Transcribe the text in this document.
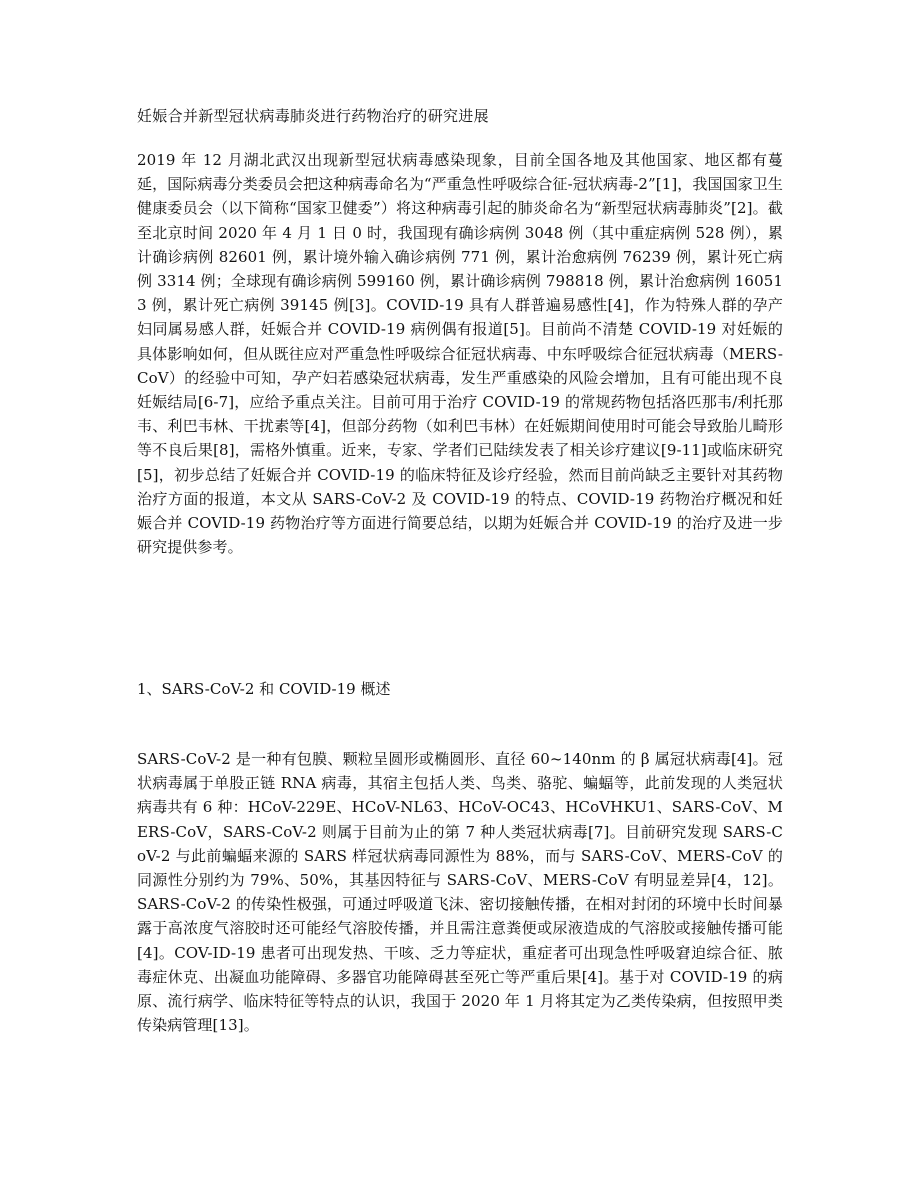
妊娠合并新型冠状病毒肺炎进行药物治疗的研究进展

2019 年 12 月湖北武汉出现新型冠状病毒感染现象，目前全国各地及其他国家、地区都有蔓延，国际病毒分类委员会把这种病毒命名为“严重急性呼吸综合征-冠状病毒-2”[1]，我国国家卫生健康委员会（以下简称“国家卫健委”）将这种病毒引起的肺炎命名为“新型冠状病毒肺炎”[2]。截至北京时间 2020 年 4 月 1 日 0 时，我国现有确诊病例 3048 例（其中重症病例 528 例），累计确诊病例 82601 例，累计境外输入确诊病例 771 例，累计治愈病例 76239 例，累计死亡病例 3314 例；全球现有确诊病例 599160 例，累计确诊病例 798818 例，累计治愈病例 160513 例，累计死亡病例 39145 例[3]。COVID-19 具有人群普遍易感性[4]，作为特殊人群的孕产妇同属易感人群，妊娠合并 COVID-19 病例偶有报道[5]。目前尚不清楚 COVID-19 对妊娠的具体影响如何，但从既往应对严重急性呼吸综合征冠状病毒、中东呼吸综合征冠状病毒（MERS-CoV）的经验中可知，孕产妇若感染冠状病毒，发生严重感染的风险会增加，且有可能出现不良妊娠结局[6-7]，应给予重点关注。目前可用于治疗 COVID-19 的常规药物包括洛匹那韦/利托那韦、利巴韦林、干扰素等[4]，但部分药物（如利巴韦林）在妊娠期间使用时可能会导致胎儿畸形等不良后果[8]，需格外慎重。近来，专家、学者们已陆续发表了相关诊疗建议[9-11]或临床研究[5]，初步总结了妊娠合并 COVID-19 的临床特征及诊疗经验，然而目前尚缺乏主要针对其药物治疗方面的报道，本文从 SARS-CoV-2 及 COVID-19 的特点、COVID-19 药物治疗概况和妊娠合并 COVID-19 药物治疗等方面进行简要总结，以期为妊娠合并 COVID-19 的治疗及进一步研究提供参考。

1、SARS-CoV-2 和 COVID-19 概述

SARS-CoV-2 是一种有包膜、颗粒呈圆形或椭圆形、直径 60~140nm 的 β 属冠状病毒[4]。冠状病毒属于单股正链 RNA 病毒，其宿主包括人类、鸟类、骆驼、蝙蝠等，此前发现的人类冠状病毒共有 6 种：HCoV-229E、HCoV-NL63、HCoV-OC43、HCoVHKU1、SARS-CoV、MERS-CoV，SARS-CoV-2 则属于目前为止的第 7 种人类冠状病毒[7]。目前研究发现 SARS-CoV-2 与此前蝙蝠来源的 SARS 样冠状病毒同源性为 88%，而与 SARS-CoV、MERS-CoV 的同源性分别约为 79%、50%，其基因特征与 SARS-CoV、MERS-CoV 有明显差异[4，12]。SARS-CoV-2 的传染性极强，可通过呼吸道飞沫、密切接触传播，在相对封闭的环境中长时间暴露于高浓度气溶胶时还可能经气溶胶传播，并且需注意粪便或尿液造成的气溶胶或接触传播可能[4]。COV-ID-19 患者可出现发热、干咳、乏力等症状，重症者可出现急性呼吸窘迫综合征、脓毒症休克、出凝血功能障碍、多器官功能障碍甚至死亡等严重后果[4]。基于对 COVID-19 的病原、流行病学、临床特征等特点的认识，我国于 2020 年 1 月将其定为乙类传染病，但按照甲类传染病管理[13]。
